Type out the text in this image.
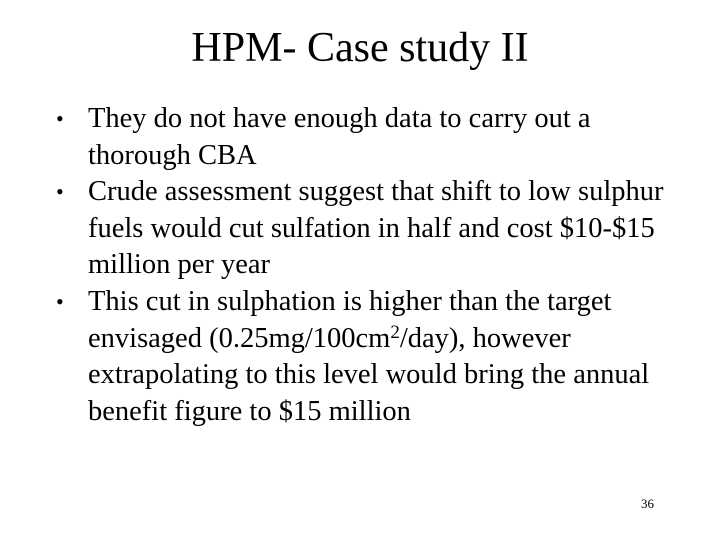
HPM- Case study II
• They do not have enough data to carry out a thorough CBA
• Crude assessment suggest that shift to low sulphur fuels would cut sulfation in half and cost $10-$15 million per year
• This cut in sulphation is higher than the target envisaged $(0.25mg/100cm^2/day)$, however extrapolating to this level would bring the annual benefit figure to $15 million
36
